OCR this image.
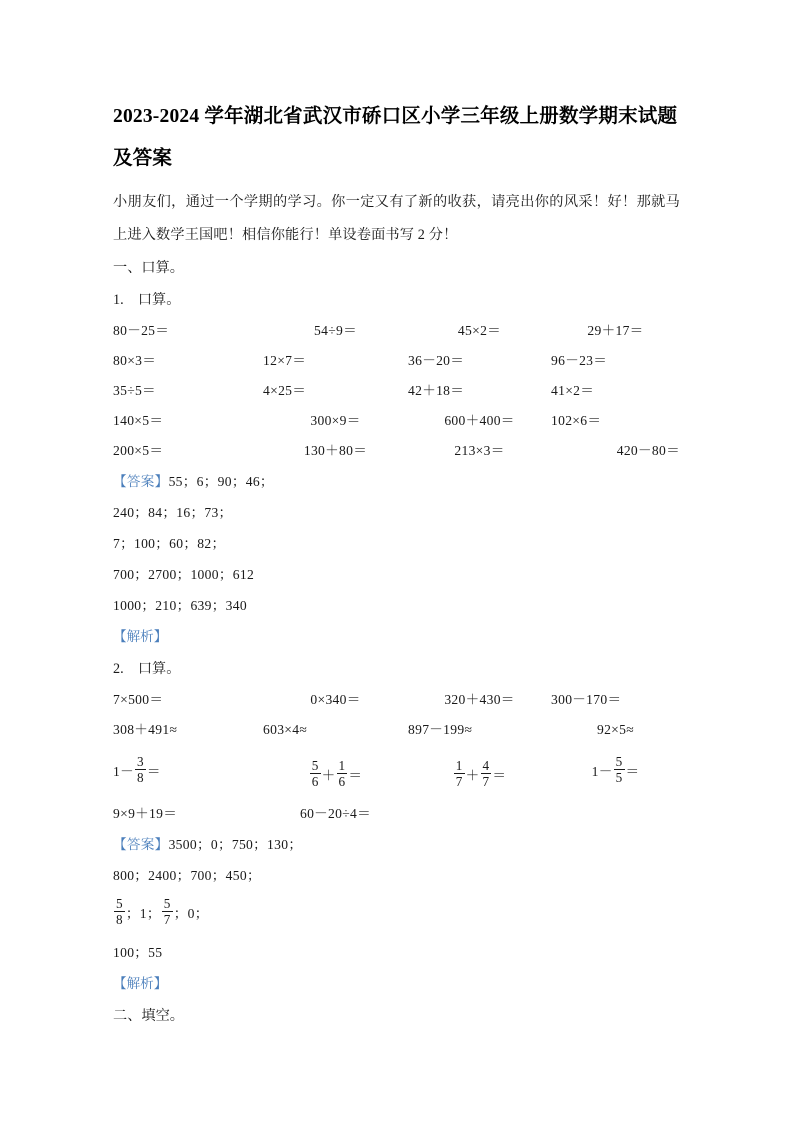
2023-2024 学年湖北省武汉市硚口区小学三年级上册数学期末试题及答案

小朋友们，通过一个学期的学习。你一定又有了新的收获，请亮出你的风采！好！那就马上进入数学王国吧！相信你能行！单设卷面书写 2 分！

一、口算。

1. 口算。

80－25＝	54÷9＝	45×2＝	29＋17＝
80×3＝	12×7＝	36－20＝	96－23＝
35÷5＝	4×25＝	42＋18＝	41×2＝
140×5＝	300×9＝	600＋400＝	102×6＝
200×5＝	130＋80＝	213×3＝	420－80＝

【答案】55；6；90；46；

240；84；16；73；

7；100；60；82；

700；2700；1000；612

1000；210；639；340

【解析】

2. 口算。

7×500＝	0×340＝	320＋430＝	300－170＝
308＋491≈	603×4≈	897－199≈	92×5≈
$1- \frac{3}{8}$ ＝	$\frac{5}{6} + \frac{1}{6}$ ＝	$\frac{1}{7} + \frac{4}{7}$ ＝	$1- \frac{5}{5}$ ＝
9×9＋19＝	60－20÷4＝

【答案】3500；0；750；130；

800；2400；700；450；

$\frac{5}{8}$ ；1； $\frac{5}{7}$ ；0；

100；55

【解析】

二、填空。
